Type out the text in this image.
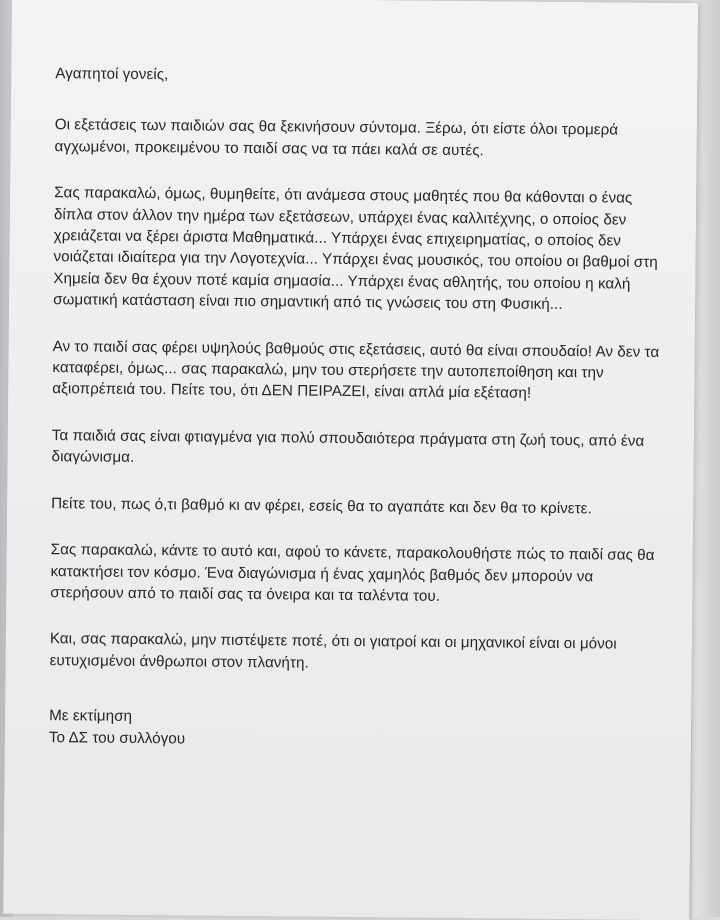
Αγαπητοί γονείς,

Οι εξετάσεις των παιδιών σας θα ξεκινήσουν σύντομα. Ξέρω, ότι είστε όλοι τρομερά αγχωμένοι, προκειμένου το παιδί σας να τα πάει καλά σε αυτές.

Σας παρακαλώ, όμως, θυμηθείτε, ότι ανάμεσα στους μαθητές που θα κάθονται ο ένας δίπλα στον άλλον την ημέρα των εξετάσεων, υπάρχει ένας καλλιτέχνης, ο οποίος δεν χρειάζεται να ξέρει άριστα Μαθηματικά... Υπάρχει ένας επιχειρηματίας, ο οποίος δεν νοιάζεται ιδιαίτερα για την Λογοτεχνία... Υπάρχει ένας μουσικός, του οποίου οι βαθμοί στη Χημεία δεν θα έχουν ποτέ καμία σημασία... Υπάρχει ένας αθλητής, του οποίου η καλή σωματική κατάσταση είναι πιο σημαντική από τις γνώσεις του στη Φυσική...

Αν το παιδί σας φέρει υψηλούς βαθμούς στις εξετάσεις, αυτό θα είναι σπουδαίο! Αν δεν τα καταφέρει, όμως... σας παρακαλώ, μην του στερήσετε την αυτοπεποίθηση και την αξιοπρέπειά του. Πείτε του, ότι ΔΕΝ ΠΕΙΡΑΖΕΙ, είναι απλά μία εξέταση!

Τα παιδιά σας είναι φτιαγμένα για πολύ σπουδαιότερα πράγματα στη ζωή τους, από ένα διαγώνισμα.

Πείτε του, πως ό,τι βαθμό κι αν φέρει, εσείς θα το αγαπάτε και δεν θα το κρίνετε.

Σας παρακαλώ, κάντε το αυτό και, αφού το κάνετε, παρακολουθήστε πώς το παιδί σας θα κατακτήσει τον κόσμο. Ένα διαγώνισμα ή ένας χαμηλός βαθμός δεν μπορούν να στερήσουν από το παιδί σας τα όνειρα και τα ταλέντα του.

Και, σας παρακαλώ, μην πιστέψετε ποτέ, ότι οι γιατροί και οι μηχανικοί είναι οι μόνοι ευτυχισμένοι άνθρωποι στον πλανήτη.

Με εκτίμηση

Το ΔΣ του συλλόγου
